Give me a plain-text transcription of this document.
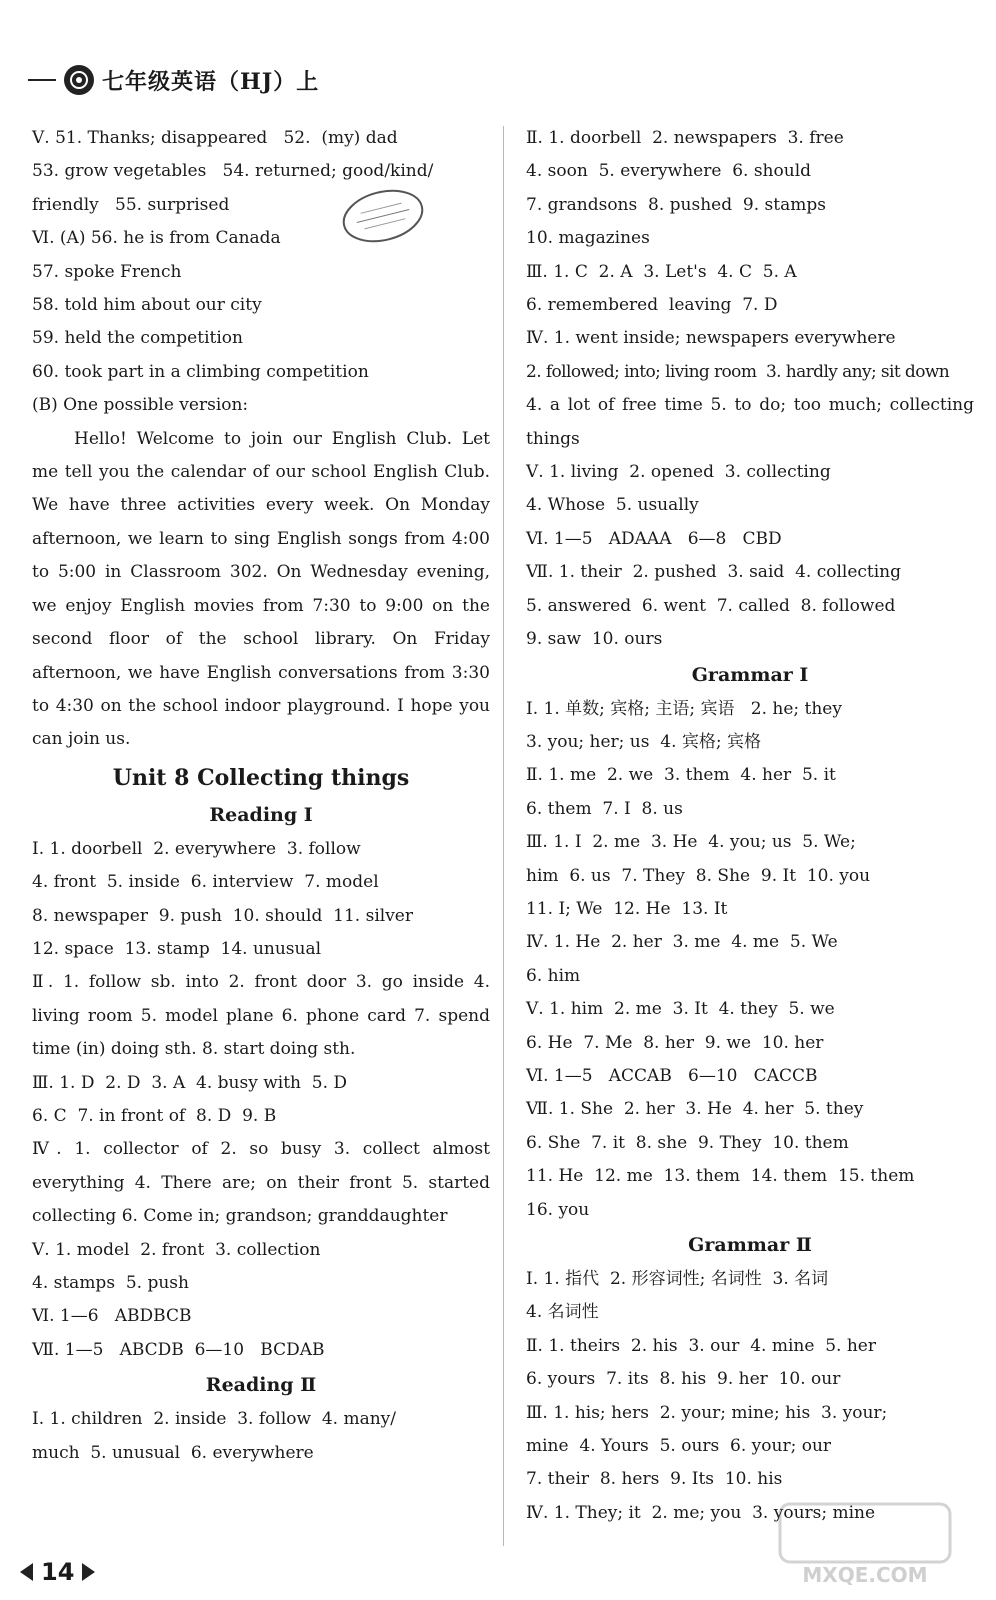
七年级英语（HJ）上

Ⅴ. 51. Thanks; disappeared   52.  (my) dad

53. grow vegetables   54. returned; good/kind/

friendly   55. surprised

Ⅵ. (A) 56. he is from Canada

57. spoke French

58. told him about our city

59. held the competition

60. took part in a climbing competition

(B) One possible version:

Hello! Welcome to join our English Club. Let me tell you the calendar of our school English Club. We have three activities every week. On Monday afternoon, we learn to sing English songs from 4:00 to 5:00 in Classroom 302. On Wednesday evening, we enjoy English movies from 7:30 to 9:00 on the second floor of the school library. On Friday afternoon, we have English conversations from 3:30 to 4:30 on the school indoor playground. I hope you can join us.

Unit 8 Collecting things
Reading Ⅰ

Ⅰ. 1. doorbell  2. everywhere  3. follow

4. front  5. inside  6. interview  7. model

8. newspaper  9. push  10. should  11. silver

12. space  13. stamp  14. unusual

Ⅱ. 1. follow sb. into 2. front door 3. go inside 4. living room 5. model plane 6. phone card 7. spend time (in) doing sth. 8. start doing sth.

Ⅲ. 1. D  2. D  3. A  4. busy with  5. D

6. C  7. in front of  8. D  9. B

Ⅳ. 1. collector of 2. so busy 3. collect almost everything 4. There are; on their front 5. started collecting 6. Come in; grandson; granddaughter

Ⅴ. 1. model  2. front  3. collection

4. stamps  5. push

Ⅵ. 1—6   ABDBCB

Ⅶ. 1—5   ABCDB  6—10   BCDAB

Reading Ⅱ

Ⅰ. 1. children  2. inside  3. follow  4. many/

much  5. unusual  6. everywhere

Ⅱ. 1. doorbell  2. newspapers  3. free

4. soon  5. everywhere  6. should

7. grandsons  8. pushed  9. stamps

10. magazines

Ⅲ. 1. C  2. A  3. Let's  4. C  5. A

6. remembered  leaving  7. D

Ⅳ. 1. went inside; newspapers everywhere

2. followed; into; living room  3. hardly any; sit down

4. a lot of free time 5. to do; too much; collecting things

Ⅴ. 1. living  2. opened  3. collecting

4. Whose  5. usually

Ⅵ. 1—5   ADAAA   6—8   CBD

Ⅶ. 1. their  2. pushed  3. said  4. collecting

5. answered  6. went  7. called  8. followed

9. saw  10. ours

Grammar Ⅰ

Ⅰ. 1. 单数; 宾格; 主语; 宾语   2. he; they

3. you; her; us  4. 宾格; 宾格

Ⅱ. 1. me  2. we  3. them  4. her  5. it

6. them  7. I  8. us

Ⅲ. 1. I  2. me  3. He  4. you; us  5. We;

him  6. us  7. They  8. She  9. It  10. you

11. I; We  12. He  13. It

Ⅳ. 1. He  2. her  3. me  4. me  5. We

6. him

Ⅴ. 1. him  2. me  3. It  4. they  5. we

6. He  7. Me  8. her  9. we  10. her

Ⅵ. 1—5   ACCAB   6—10   CACCB

Ⅶ. 1. She  2. her  3. He  4. her  5. they

6. She  7. it  8. she  9. They  10. them

11. He  12. me  13. them  14. them  15. them

16. you

Grammar Ⅱ

Ⅰ. 1. 指代  2. 形容词性; 名词性  3. 名词

4. 名词性

Ⅱ. 1. theirs  2. his  3. our  4. mine  5. her

6. yours  7. its  8. his  9. her  10. our

Ⅲ. 1. his; hers  2. your; mine; his  3. your;

mine  4. Yours  5. ours  6. your; our

7. their  8. hers  9. Its  10. his

Ⅳ. 1. They; it  2. me; you  3. yours; mine

MXQE.COM
14
